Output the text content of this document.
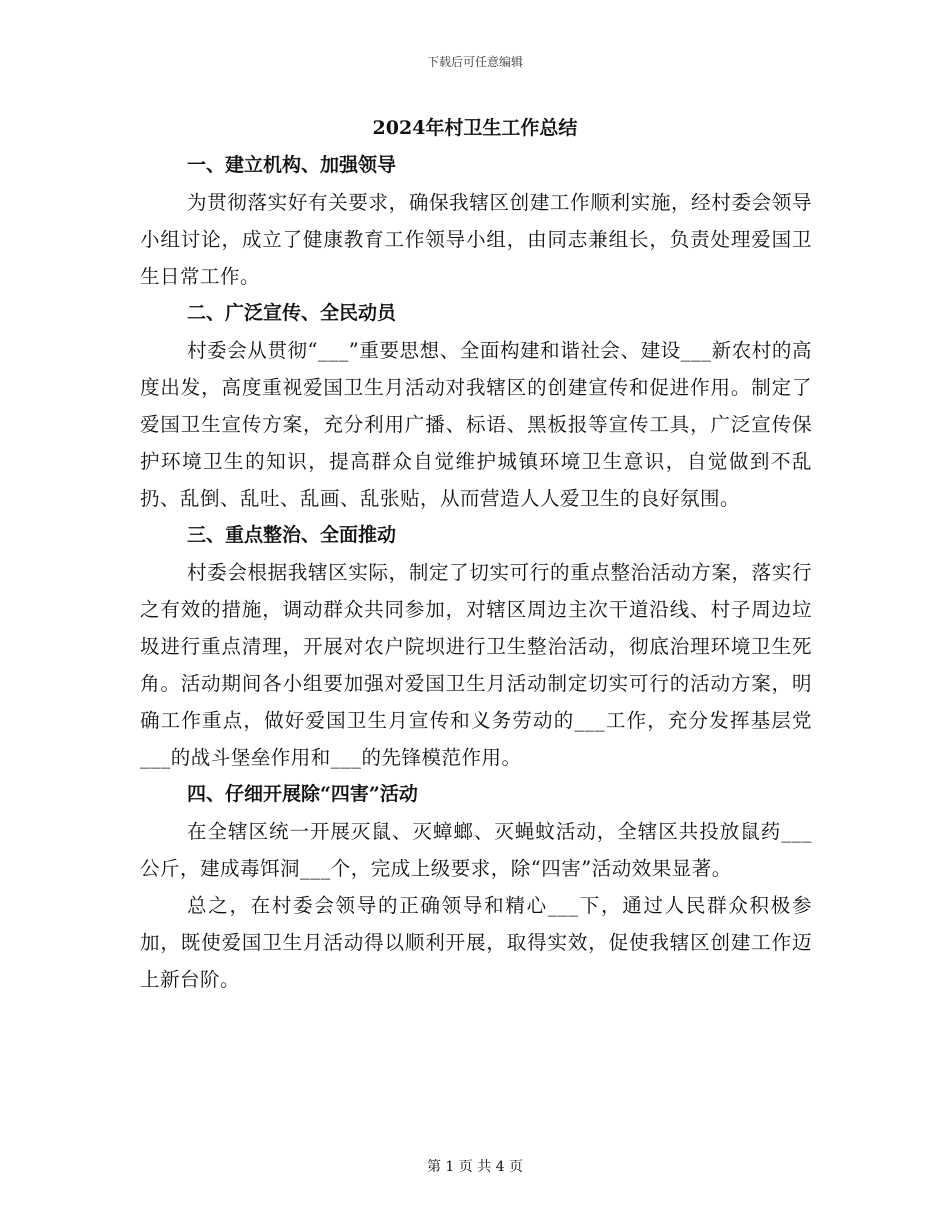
下载后可任意编辑
2024年村卫生工作总结

一、建立机构、加强领导

为贯彻落实好有关要求，确保我辖区创建工作顺利实施，经村委会领导小组讨论，成立了健康教育工作领导小组，由同志兼组长，负责处理爱国卫生日常工作。

二、广泛宣传、全民动员

村委会从贯彻“___”重要思想、全面构建和谐社会、建设___新农村的高度出发，高度重视爱国卫生月活动对我辖区的创建宣传和促进作用。制定了爱国卫生宣传方案，充分利用广播、标语、黑板报等宣传工具，广泛宣传保护环境卫生的知识，提高群众自觉维护城镇环境卫生意识，自觉做到不乱扔、乱倒、乱吐、乱画、乱张贴，从而营造人人爱卫生的良好氛围。

三、重点整治、全面推动

村委会根据我辖区实际，制定了切实可行的重点整治活动方案，落实行之有效的措施，调动群众共同参加，对辖区周边主次干道沿线、村子周边垃圾进行重点清理，开展对农户院坝进行卫生整治活动，彻底治理环境卫生死角。活动期间各小组要加强对爱国卫生月活动制定切实可行的活动方案，明确工作重点，做好爱国卫生月宣传和义务劳动的___工作，充分发挥基层党___的战斗堡垒作用和___的先锋模范作用。

四、仔细开展除“四害”活动

在全辖区统一开展灭鼠、灭蟑螂、灭蝇蚊活动，全辖区共投放鼠药___公斤，建成毒饵洞___个，完成上级要求，除“四害”活动效果显著。

总之，在村委会领导的正确领导和精心___下，通过人民群众积极参加，既使爱国卫生月活动得以顺利开展，取得实效，促使我辖区创建工作迈上新台阶。

第 1 页 共 4 页
